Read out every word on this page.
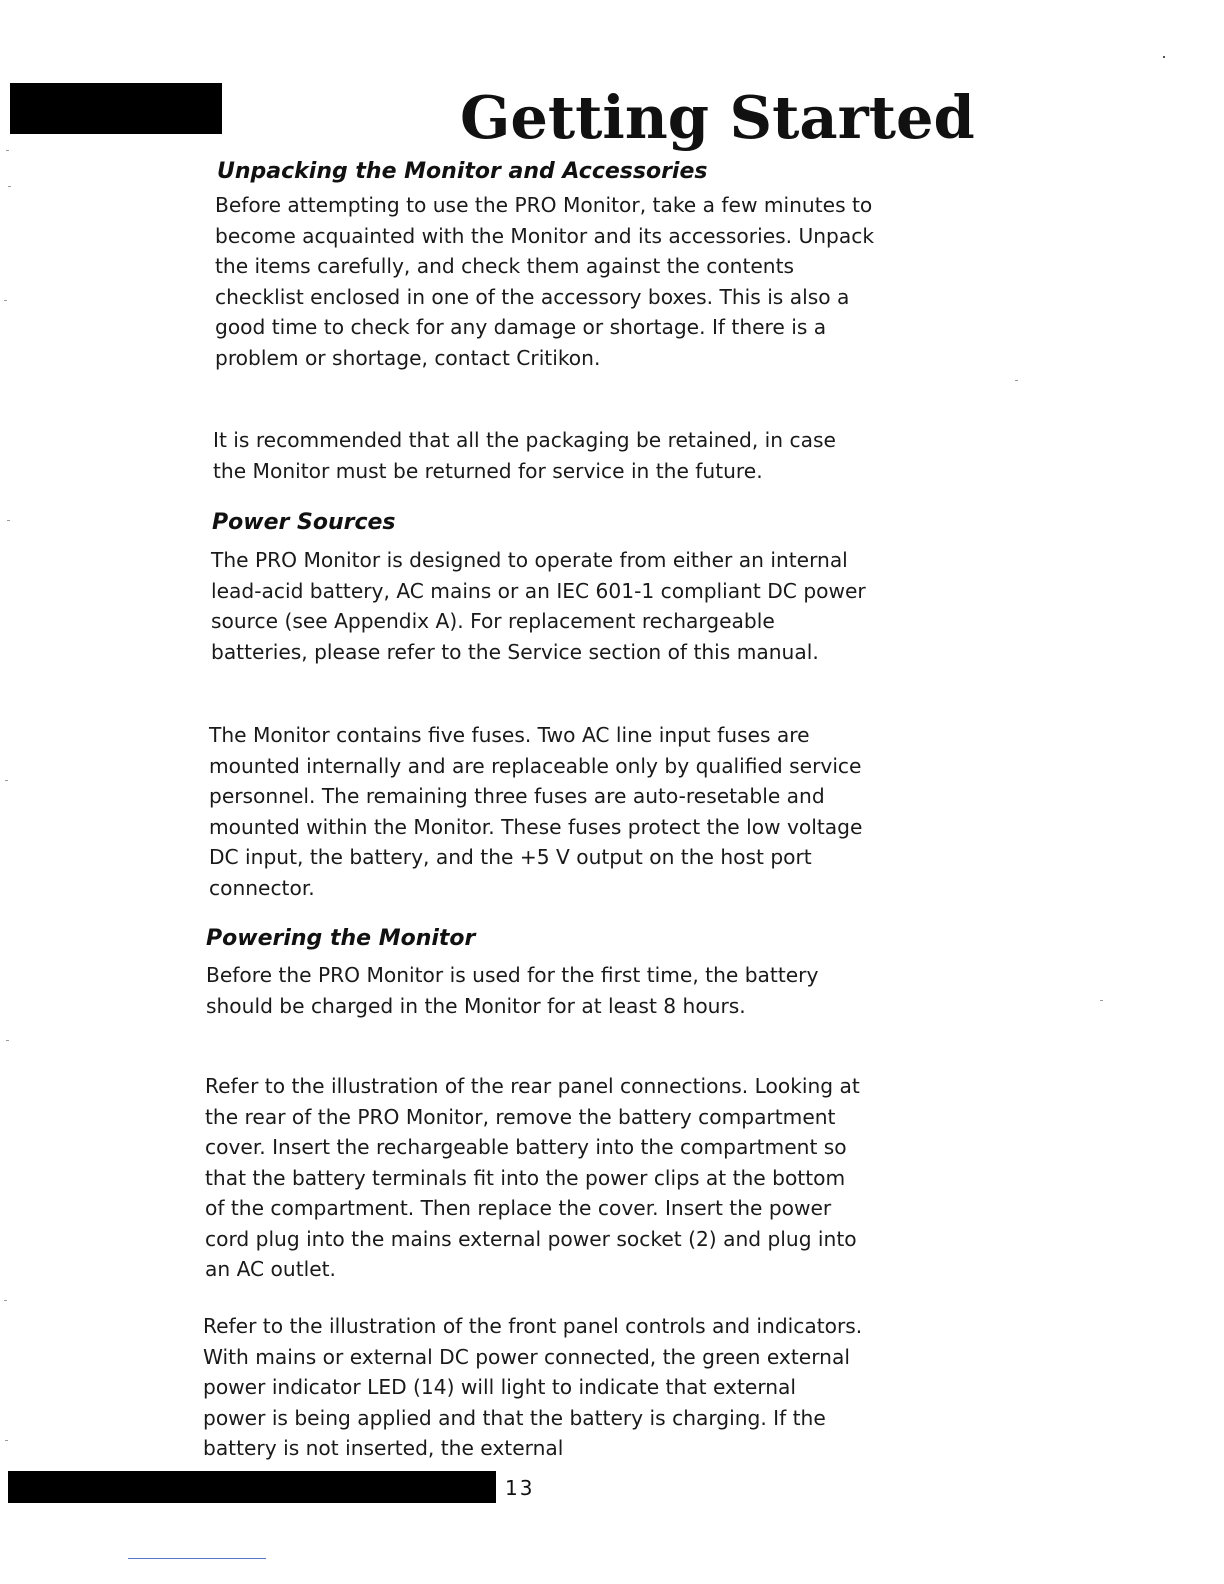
Getting Started
Unpacking the Monitor and Accessories

Before attempting to use the PRO Monitor, take a few minutes to become acquainted with the Monitor and its accessories. Unpack the items carefully, and check them against the contents checklist enclosed in one of the accessory boxes. This is also a good time to check for any damage or shortage. If there is a problem or shortage, contact Critikon.

It is recommended that all the packaging be retained, in case the Monitor must be returned for service in the future.

Power Sources

The PRO Monitor is designed to operate from either an internal lead-acid battery, AC mains or an IEC 601-1 compliant DC power source (see Appendix A). For replacement rechargeable batteries, please refer to the Service section of this manual.

The Monitor contains five fuses. Two AC line input fuses are mounted internally and are replaceable only by qualified service personnel. The remaining three fuses are auto-resetable and mounted within the Monitor. These fuses protect the low voltage DC input, the battery, and the +5 V output on the host port connector.

Powering the Monitor

Before the PRO Monitor is used for the first time, the battery should be charged in the Monitor for at least 8 hours.

Refer to the illustration of the rear panel connections. Looking at the rear of the PRO Monitor, remove the battery compartment cover. Insert the rechargeable battery into the compartment so that the battery terminals fit into the power clips at the bottom of the compartment. Then replace the cover. Insert the power cord plug into the mains external power socket (2) and plug into an AC outlet.

Refer to the illustration of the front panel controls and indicators. With mains or external DC power connected, the green external power indicator LED (14) will light to indicate that external power is being applied and that the battery is charging. If the battery is not inserted, the external

13
